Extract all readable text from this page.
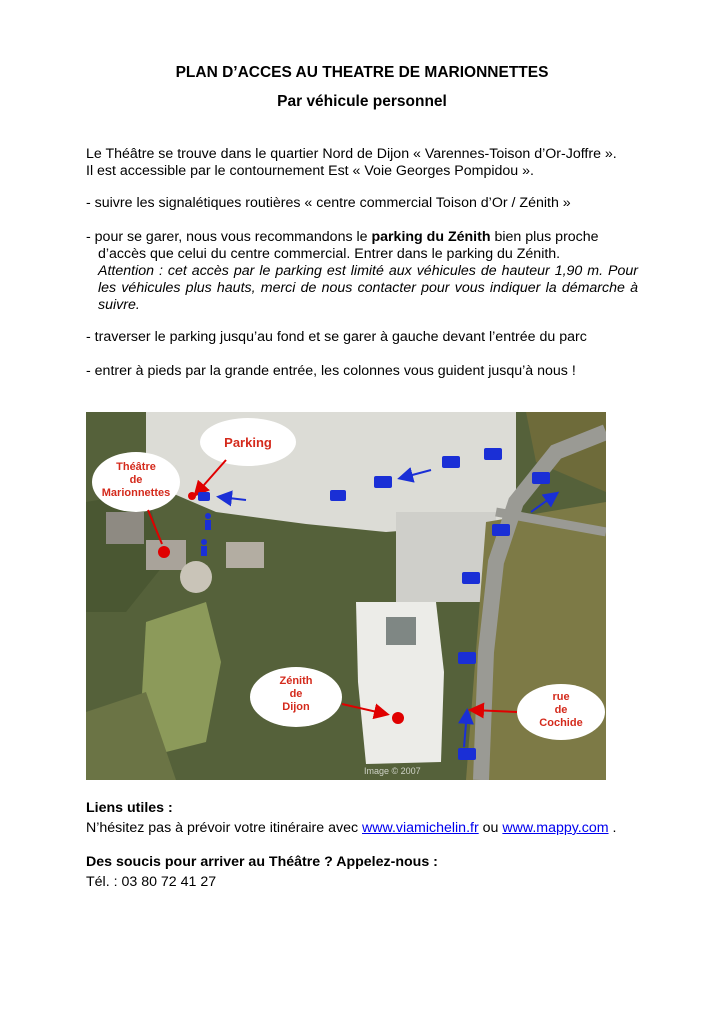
PLAN D’ACCES AU THEATRE DE MARIONNETTES
Par véhicule personnel
Le Théâtre se trouve dans le quartier Nord de Dijon « Varennes-Toison d’Or-Joffre ».
Il est accessible par le contournement Est « Voie Georges Pompidou ».
- suivre les signalétiques routières « centre commercial Toison d’Or / Zénith »
- pour se garer, nous vous recommandons le parking du Zénith bien plus proche
d’accès que celui du centre commercial. Entrer dans le parking du Zénith.
Attention : cet accès par le parking est limité aux véhicules de hauteur 1,90 m. Pour les véhicules plus hauts, merci de nous contacter pour vous indiquer la démarche à suivre.
- traverser le parking jusqu’au fond et se garer à gauche devant l’entrée du parc
- entrer à pieds par la grande entrée, les colonnes vous guident jusqu’à nous !
Parking
Théâtre
de
Marionnettes
Zénith
de
Dijon
rue
de
Cochide
Image © 2007
Liens utiles :
N’hésitez pas à prévoir votre itinéraire avec www.viamichelin.fr ou www.mappy.com .
Des soucis pour arriver au Théâtre ? Appelez-nous :
Tél. : 03 80 72 41 27
